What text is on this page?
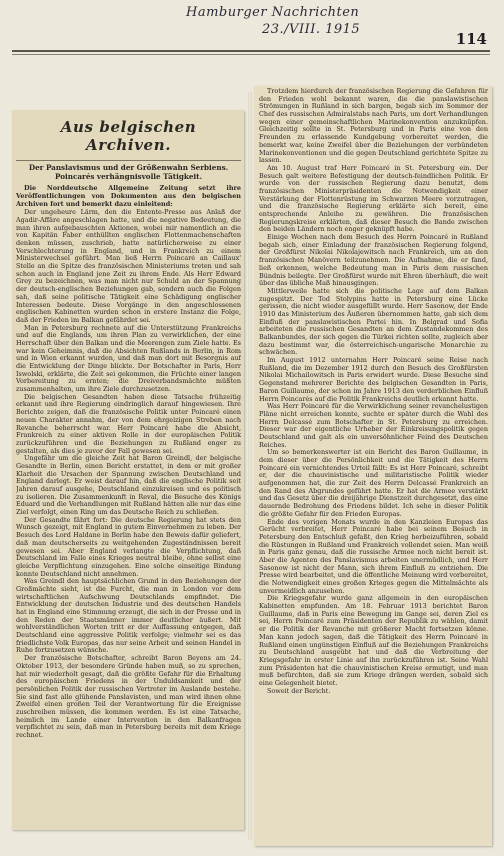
Hamburger Nachrichten
23./VIII. 1915
114
Aus belgischen Archiven.
Der Panslavismus und der Größenwahn Serbiens. Poincarés verhängnisvolle Tätigkeit.

Die Norddeutsche Allgemeine Zeitung setzt ihre Veröffentlichungen von Dokumenten aus den belgischen Archiven fort und bemerkt dazu einleitend:

Der ungeheure Lärm, den die Entente-Presse aus Anlaß der Agadir-Affäre angeschlagen hatte, und die negative Bedeutung, die man ihren aufgebauschten Aktionen, wobei mir namentlich an die von Kapitän Faber enthüllten englischen Flottenmachenschaften denken müssen, zuschrieb, hatte natürlicherweise zu einer Verschlechterung in England, und in Frankreich zu einem Ministerwechsel geführt. Man ließ Herrn Poincaré an Caillaux' Stelle an die Spitze des französischen Ministeriums treten und sah schon auch in England jene Zeit zu ihrem Ende. Als Herr Edward Grey zu bezeichnen, was man nicht nur Schuld an der Spannung der deutsch-englischen Beziehungen gab, sondern auch die Folgen sah, daß seine politische Tätigkeit eine Schädigung englischer Interessen bedeute. Diese Vorgänge in den angeschlossenen englischen Kabinetten wurden schon in erstere Instanz die Folge, daß der Frieden im Balkan gefährdet sei.

Man in Petersburg rechnete auf die Unterstützung Frankreichs und auf die Englands, um ihren Plan zu verwirklichen, der eine Herrschaft über den Balkan und die Meerengen zum Ziele hatte. Es war kein Geheimnis, daß die Absichten Rußlands in Berlin, in Rom und in Wien erkannt wurden, und daß man dort mit Besorgnis auf die Entwicklung der Dinge blickte. Der Botschafter in Paris, Herr Iswolski, erklärte, die Zeit sei gekommen, die Früchte einer langen Vorbereitung zu ernten; die Dreiverbandsmächte müßten zusammenhalten, um ihre Ziele durchzusetzen.

Die belgischen Gesandten haben diese Tatsache frühzeitig erkannt und ihre Regierung eindringlich darauf hingewiesen. Ihre Berichte zeigen, daß die französische Politik unter Poincaré einen neuen Charakter annahm, der von dem ehrgeizigen Streben nach Revanche beherrscht war. Herr Poincaré habe die Absicht, Frankreich zu einer aktiven Rolle in der europäischen Politik zurückzuführen und die Beziehungen zu Rußland enger zu gestalten, als dies je zuvor der Fall gewesen sei.

Ungefähr um die gleiche Zeit hat Baron Greindl, der belgische Gesandte in Berlin, einen Bericht erstattet, in dem er mit großer Klarheit die Ursachen der Spannung zwischen Deutschland und England darlegt. Er weist darauf hin, daß die englische Politik seit Jahren darauf ausgehe, Deutschland einzukreisen und es politisch zu isolieren. Die Zusammenkunft in Reval, die Besuche des Königs Eduard und die Verhandlungen mit Rußland hätten alle nur das eine Ziel verfolgt, einen Ring um das Deutsche Reich zu schließen.

Der Gesandte fährt fort: Die deutsche Regierung hat stets den Wunsch gezeigt, mit England in gutem Einvernehmen zu leben. Der Besuch des Lord Haldane in Berlin habe den Beweis dafür geliefert, daß man deutscherseits zu weitgehenden Zugeständnissen bereit gewesen sei. Aber England verlangte die Verpflichtung, daß Deutschland im Falle eines Krieges neutral bleibe, ohne selbst eine gleiche Verpflichtung einzugehen. Eine solche einseitige Bindung konnte Deutschland nicht annehmen.

Was Greindl den hauptsächlichen Grund in den Beziehungen der Großmächte sieht, ist die Furcht, die man in London vor dem wirtschaftlichen Aufschwung Deutschlands empfindet. Die Entwicklung der deutschen Industrie und des deutschen Handels hat in England eine Stimmung erzeugt, die sich in der Presse und in den Reden der Staatsmänner immer deutlicher äußert. Mit wohlverständlichen Worten tritt er der Auffassung entgegen, daß Deutschland eine aggressive Politik verfolge; vielmehr sei es das friedlichste Volk Europas, das nur seine Arbeit und seinen Handel in Ruhe fortzusetzen wünsche.

Der französische Botschafter, schreibt Baron Beyens am 24. Oktober 1913, der besondere Gründe haben muß, so zu sprechen, hat mir wiederholt gesagt, daß die größte Gefahr für die Erhaltung des europäischen Friedens in der Unduldsamkeit und der persönlichen Politik der russischen Vertreter im Auslande bestehe. Sie sind fast alle glühende Panslavisten, und man wird ihnen ohne Zweifel einen großen Teil der Verantwortung für die Ereignisse zuschreiben müssen, die kommen werden. Es ist eine Tatsache, heimlich im Lande einer Intervention in den Balkanfragen verpflichtet zu sein, daß man in Petersburg bereits mit dem Kriege rechnet.

Trotzdem hierdurch der französischen Regierung die Gefahren für den Frieden wohl bekannt waren, die die panslawistischen Strömungen in Rußland in sich bargen, begab sich im Sommer der Chef des russischen Admiralstabs nach Paris, um dort Verhandlungen wegen einer gemeinschaftlichen Marinekonvention anzuknüpfen. Gleichzeitig sollte in St. Petersburg und in Paris eine von den Freunden zu erlassende Kundgebung vorbereitet werden, die bemerkt war, keine Zweifel über die Beziehungen der verbündeten Marinekonventionen und die gegen Deutschland gerichtete Spitze zu lassen.

Am 10. August traf Herr Poincaré in St. Petersburg ein. Der Besuch galt weitere Befestigung der deutsch-feindlichen Politik. Er wurde von der russischen Regierung dazu benutzt, dem französischen Ministerpräsidenten die Notwendigkeit einer Verstärkung der Flottenrüstung im Schwarzen Meere vorzutragen, und die französische Regierung erklärte sich bereit, eine entsprechende Anleihe zu gewähren. Die französischen Regierungskreise erklärten, daß dieser Besuch die Bande zwischen den beiden Ländern noch enger geknüpft habe.

Einige Wochen nach dem Besuch des Herrn Poincaré in Rußland begab sich, einer Einladung der französischen Regierung folgend, der Großfürst Nikolai Nikolajewitsch nach Frankreich, um an den französischen Manövern teilzunehmen. Die Aufnahme, die er fand, ließ erkennen, welche Bedeutung man in Paris dem russischen Bündnis beilegte. Der Großfürst wurde mit Ehren überhäuft, die weit über das übliche Maß hinausgingen.

Mittlerweile hatte sich die politische Lage auf dem Balkan zugespitzt. Der Tod Stolypins hatte in Petersburg eine Lücke gerissen, die nicht wieder ausgefüllt wurde. Herr Sasonow, der Ende 1910 das Ministerium des Äußeren übernommen hatte, gab sich dem Einfluß der panslawistischen Partei hin. In Belgrad und Sofia arbeiteten die russischen Gesandten an dem Zustandekommen des Balkanbundes, der sich gegen die Türkei richten sollte, zugleich aber dazu bestimmt war, die österreichisch-ungarische Monarchie zu schwächen.

Im August 1912 unternahm Herr Poincaré seine Reise nach Rußland, die im Dezember 1912 durch den Besuch des Großfürsten Nikolai Michailowitsch in Paris erwidert wurde. Diese Besuche sind Gegenstand mehrerer Berichte des belgischen Gesandten in Paris, Baron Guillaume, der schon im Jahre 1913 den verderblichen Einfluß Herrn Poincarés auf die Politik Frankreichs deutlich erkannt hatte.

Was Herr Poincaré für die Verwirklichung seiner revanchelustigen Pläne nicht erreichen konnte, suchte er später durch die Wahl des Herrn Delcassé zum Botschafter in St. Petersburg zu erreichen. Dieser war der eigentliche Urheber der Einkreisungspolitik gegen Deutschland und galt als ein unversöhnlicher Feind des Deutschen Reiches.

Um so bemerkenswerter ist ein Bericht des Baron Guillaume, in dem dieser über die Persönlichkeit und die Tätigkeit des Herrn Poincaré ein vernichtendes Urteil fällt: Es ist Herr Poincaré, schreibt er, der die chauvinistische und militaristische Politik wieder aufgenommen hat, die zur Zeit des Herrn Delcassé Frankreich an den Rand des Abgrundes geführt hatte. Er hat die Armee verstärkt und das Gesetz über die dreijährige Dienstzeit durchgesetzt, das eine dauernde Bedrohung des Friedens bildet. Ich sehe in dieser Politik die größte Gefahr für den Frieden Europas.

Ende des vorigen Monats wurde in den Kanzleien Europas das Gerücht verbreitet, Herr Poincaré habe bei seinem Besuch in Petersburg den Entschluß gefaßt, den Krieg herbeizuführen, sobald die Rüstungen in Rußland und Frankreich vollendet seien. Man weiß in Paris ganz genau, daß die russische Armee noch nicht bereit ist. Aber die Agenten des Panslavismus arbeiten unermüdlich, und Herr Sasonow ist nicht der Mann, sich ihrem Einfluß zu entziehen. Die Presse wird bearbeitet, und die öffentliche Meinung wird vorbereitet, die Notwendigkeit eines großen Krieges gegen die Mittelmächte als unvermeidlich anzusehen.

Die Kriegsgefahr wurde ganz allgemein in den europäischen Kabinetten empfunden. Am 18. Februar 1913 berichtet Baron Guillaume, daß in Paris eine Bewegung im Gange sei, deren Ziel es sei, Herrn Poincaré zum Präsidenten der Republik zu wählen, damit er die Politik der Revanche mit größerer Macht fortsetzen könne. Man kann jedoch sagen, daß die Tätigkeit des Herrn Poincaré in Rußland einen ungünstigen Einfluß auf die Beziehungen Frankreichs zu Deutschland ausgeübt hat und daß die Verbreitung der Kriegsgefahr in erster Linie auf ihn zurückzuführen ist. Seine Wahl zum Präsidenten hat die chauvinistischen Kreise ermutigt, und man muß befürchten, daß sie zum Kriege drängen werden, sobald sich eine Gelegenheit bietet.

Soweit der Bericht.
